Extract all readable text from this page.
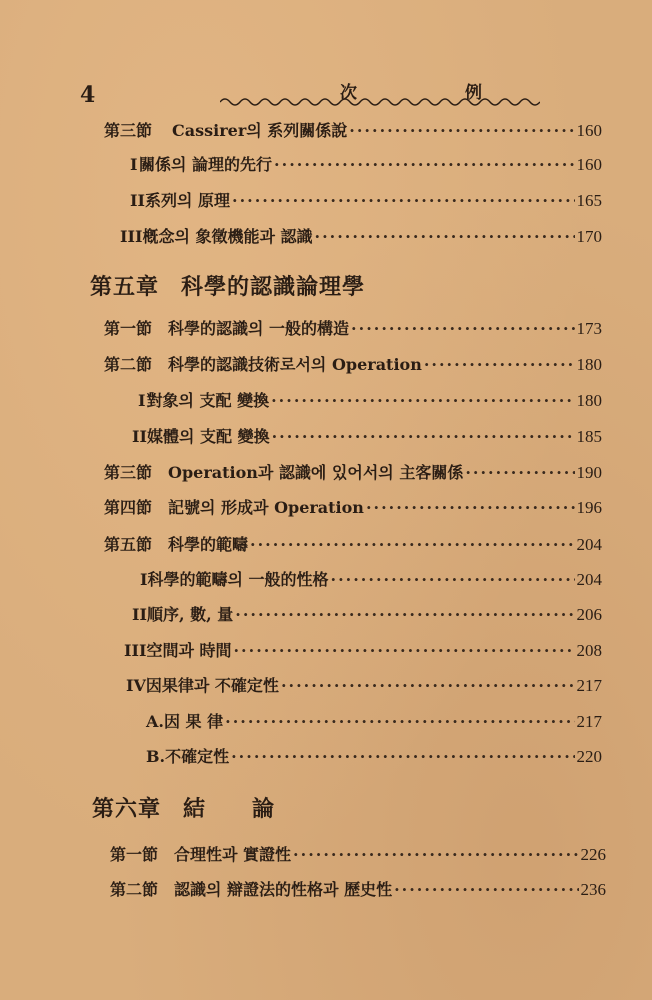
4	次	例
第三節 Cassirer의 系列關係說 ·····	160
I 關係의 論理的先行 ·····	160
II 系列의 原理 ·····	165
III 槪念의 象徵機能과 認識 ·····	170
第五章 科學的認識論理學
第一節 科學的認識의 一般的構造 ·····	173
第二節 科學的認識技術로서의 Operation ·····	180
I 對象의 支配 變換 ·····	180
II 媒體의 支配 變換 ·····	185
第三節 Operation과 認識에 있어서의 主客關係 ·····	190
第四節 記號의 形成과 Operation ·····	196
第五節 科學的範疇 ·····	204
I 科學的範疇의 一般的性格 ·····	204
II 順序, 數, 量 ·····	206
III 空間과 時間 ·····	208
IV 因果律과 不確定性 ·····	217
A. 因 果 律 ·····	217
B. 不確定性 ·····	220
第六章 結 論
第一節 合理性과 實證性 ·····	226
第二節 認識의 辯證法的性格과 歷史性 ·····	236
